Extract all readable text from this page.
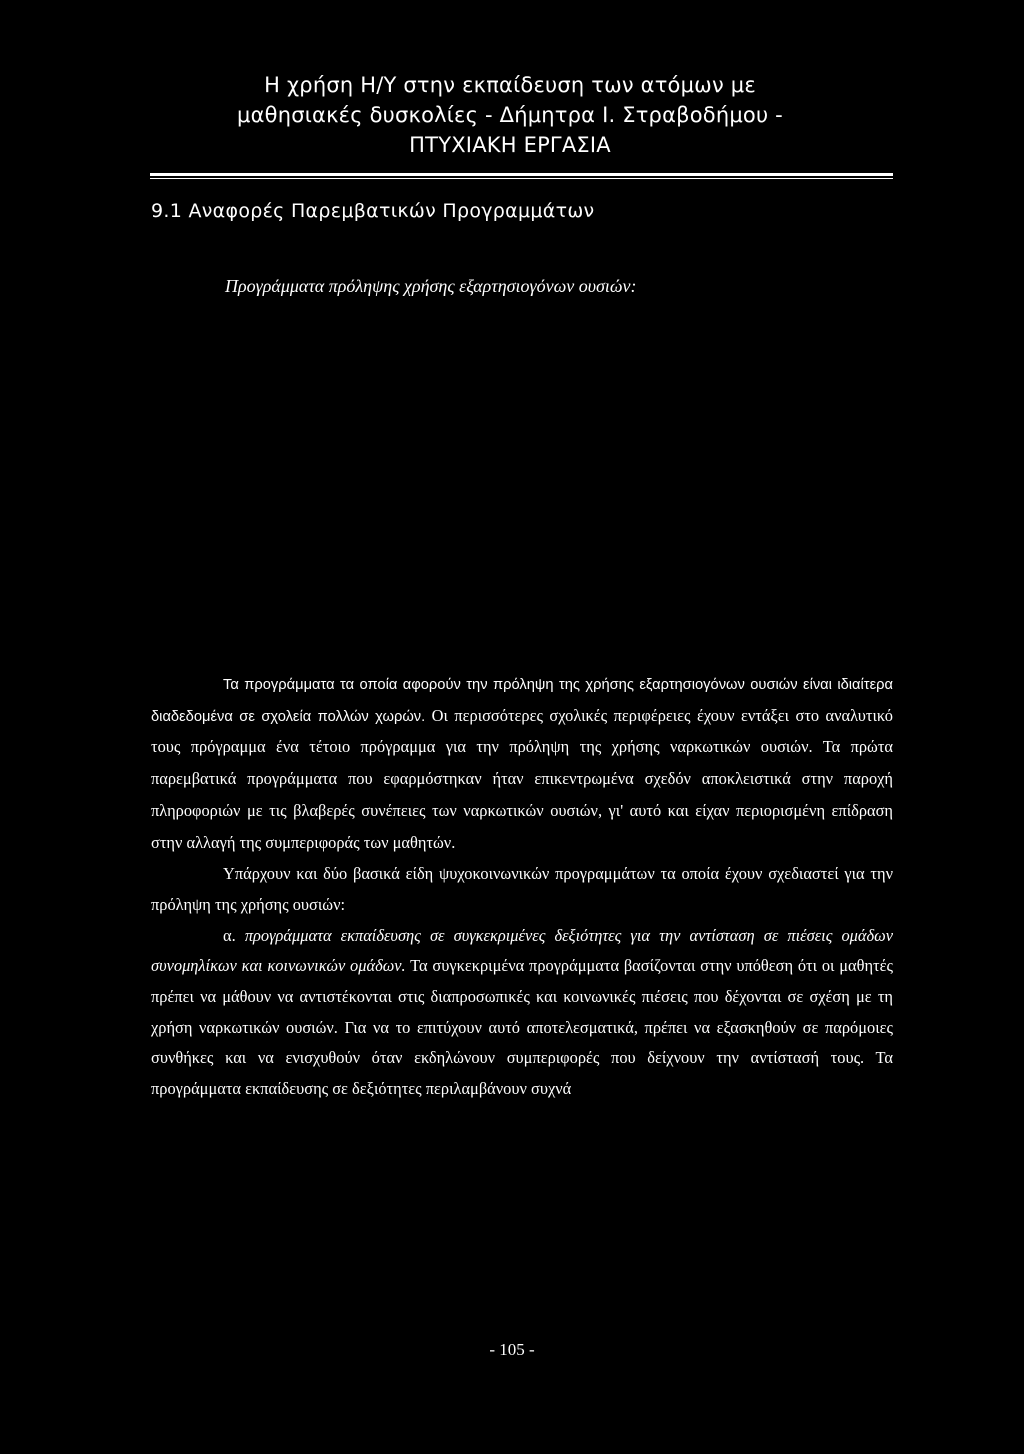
Η χρήση Η/Υ στην εκπαίδευση των ατόμων με
μαθησιακές δυσκολίες - Δήμητρα Ι. Στραβοδήμου -
ΠΤΥΧΙΑΚΗ ΕΡΓΑΣΙΑ
9.1 Αναφορές Παρεμβατικών Προγραμμάτων
Προγράμματα πρόληψης χρήσης εξαρτησιογόνων ουσιών:

Τα προγράμματα τα οποία αφορούν την πρόληψη της χρήσης εξαρτησιογόνων ουσιών είναι ιδιαίτερα διαδεδομένα σε σχολεία πολλών χωρών. Οι περισσότερες σχολικές περιφέρειες έχουν εντάξει στο αναλυτικό τους πρόγραμμα ένα τέτοιο πρόγραμμα για την πρόληψη της χρήσης ναρκωτικών ουσιών. Τα πρώτα παρεμβατικά προγράμματα που εφαρμόστηκαν ήταν επικεντρωμένα σχεδόν αποκλειστικά στην παροχή πληροφοριών με τις βλαβερές συνέπειες των ναρκωτικών ουσιών, γι' αυτό και είχαν περιορισμένη επίδραση στην αλλαγή της συμπεριφοράς των μαθητών.

Υπάρχουν και δύο βασικά είδη ψυχοκοινωνικών προγραμμάτων τα οποία έχουν σχεδιαστεί για την πρόληψη της χρήσης ουσιών:

α. προγράμματα εκπαίδευσης σε συγκεκριμένες δεξιότητες για την αντίσταση σε πιέσεις ομάδων συνομηλίκων και κοινωνικών ομάδων. Τα συγκεκριμένα προγράμματα βασίζονται στην υπόθεση ότι οι μαθητές πρέπει να μάθουν να αντιστέκονται στις διαπροσωπικές και κοινωνικές πιέσεις που δέχονται σε σχέση με τη χρήση ναρκωτικών ουσιών. Για να το επιτύχουν αυτό αποτελεσματικά, πρέπει να εξασκηθούν σε παρόμοιες συνθήκες και να ενισχυθούν όταν εκδηλώνουν συμπεριφορές που δείχνουν την αντίστασή τους. Τα προγράμματα εκπαίδευσης σε δεξιότητες περιλαμβάνουν συχνά

- 105 -
